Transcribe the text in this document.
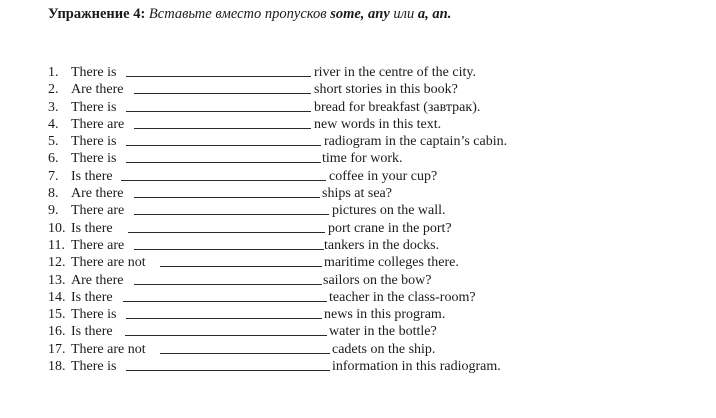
Упражнение 4: Вставьте вместо пропусков some, any или a, an.
1. There is	river in the centre of the city.
2. Are there	short stories in this book?
3. There is	bread for breakfast (завтрак).
4. There are	new words in this text.
5. There is	radiogram in the captain’s cabin.
6. There is	time for work.
7. Is there	coffee in your cup?
8. Are there	ships at sea?
9. There are	pictures on the wall.
10. Is there	port crane in the port?
11. There are	tankers in the docks.
12. There are not	maritime colleges there.
13. Are there	sailors on the bow?
14. Is there	teacher in the class-room?
15. There is	news in this program.
16. Is there	water in the bottle?
17. There are not	cadets on the ship.
18. There is	information in this radiogram.
